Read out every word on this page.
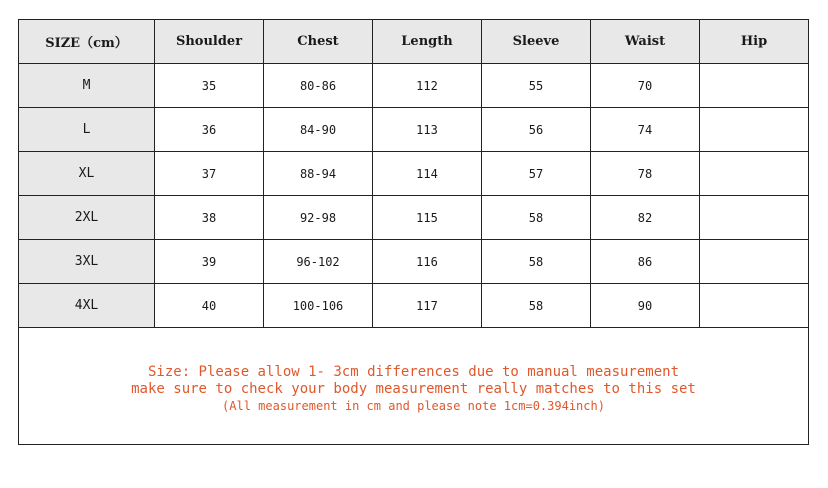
SIZE（cm）	Shoulder	Chest	Length	Sleeve	Waist	Hip
M	35	80-86	112	55	70	
L	36	84-90	113	56	74	
XL	37	88-94	114	57	78	
2XL	38	92-98	115	58	82	
3XL	39	96-102	116	58	86	
4XL	40	100-106	117	58	90	

Size: Please allow 1- 3cm differences due to manual measurement
make sure to check your body measurement really matches to this set
(All measurement in cm and please note 1cm=0.394inch)						
